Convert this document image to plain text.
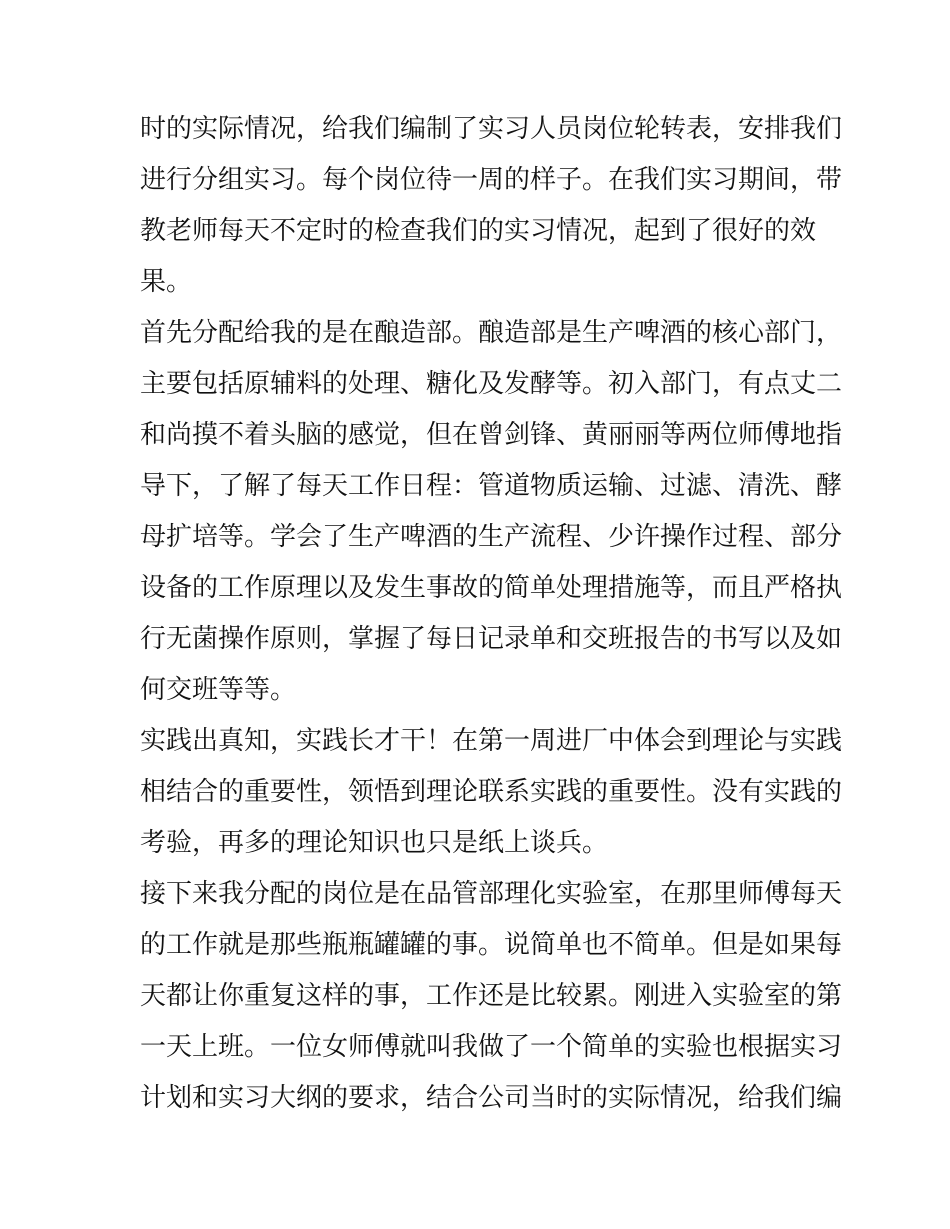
时的实际情况，给我们编制了实习人员岗位轮转表，安排我们
进行分组实习。每个岗位待一周的样子。在我们实习期间，带
教老师每天不定时的检查我们的实习情况，起到了很好的效
果。
首先分配给我的是在酿造部。酿造部是生产啤酒的核心部门，
主要包括原辅料的处理、糖化及发酵等。初入部门，有点丈二
和尚摸不着头脑的感觉，但在曾剑锋、黄丽丽等两位师傅地指
导下，了解了每天工作日程：管道物质运输、过滤、清洗、酵
母扩培等。学会了生产啤酒的生产流程、少许操作过程、部分
设备的工作原理以及发生事故的简单处理措施等，而且严格执
行无菌操作原则，掌握了每日记录单和交班报告的书写以及如
何交班等等。
实践出真知，实践长才干！在第一周进厂中体会到理论与实践
相结合的重要性，领悟到理论联系实践的重要性。没有实践的
考验，再多的理论知识也只是纸上谈兵。
接下来我分配的岗位是在品管部理化实验室，在那里师傅每天
的工作就是那些瓶瓶罐罐的事。说简单也不简单。但是如果每
天都让你重复这样的事，工作还是比较累。刚进入实验室的第
一天上班。一位女师傅就叫我做了一个简单的实验也根据实习
计划和实习大纲的要求，结合公司当时的实际情况，给我们编
